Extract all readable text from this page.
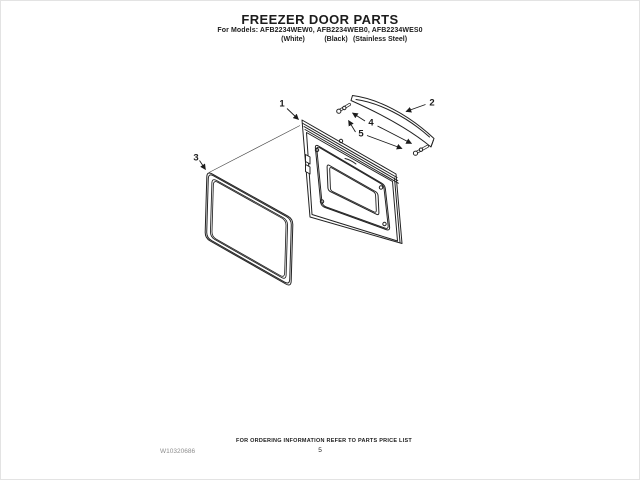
FREEZER DOOR PARTS
For Models: AFB2234WEW0, AFB2234WEB0, AFB2234WES0
(White)	(Black) (Stainless Steel)
1	2
3
4
5
FOR ORDERING INFORMATION REFER TO PARTS PRICE LIST
5
W10320686
